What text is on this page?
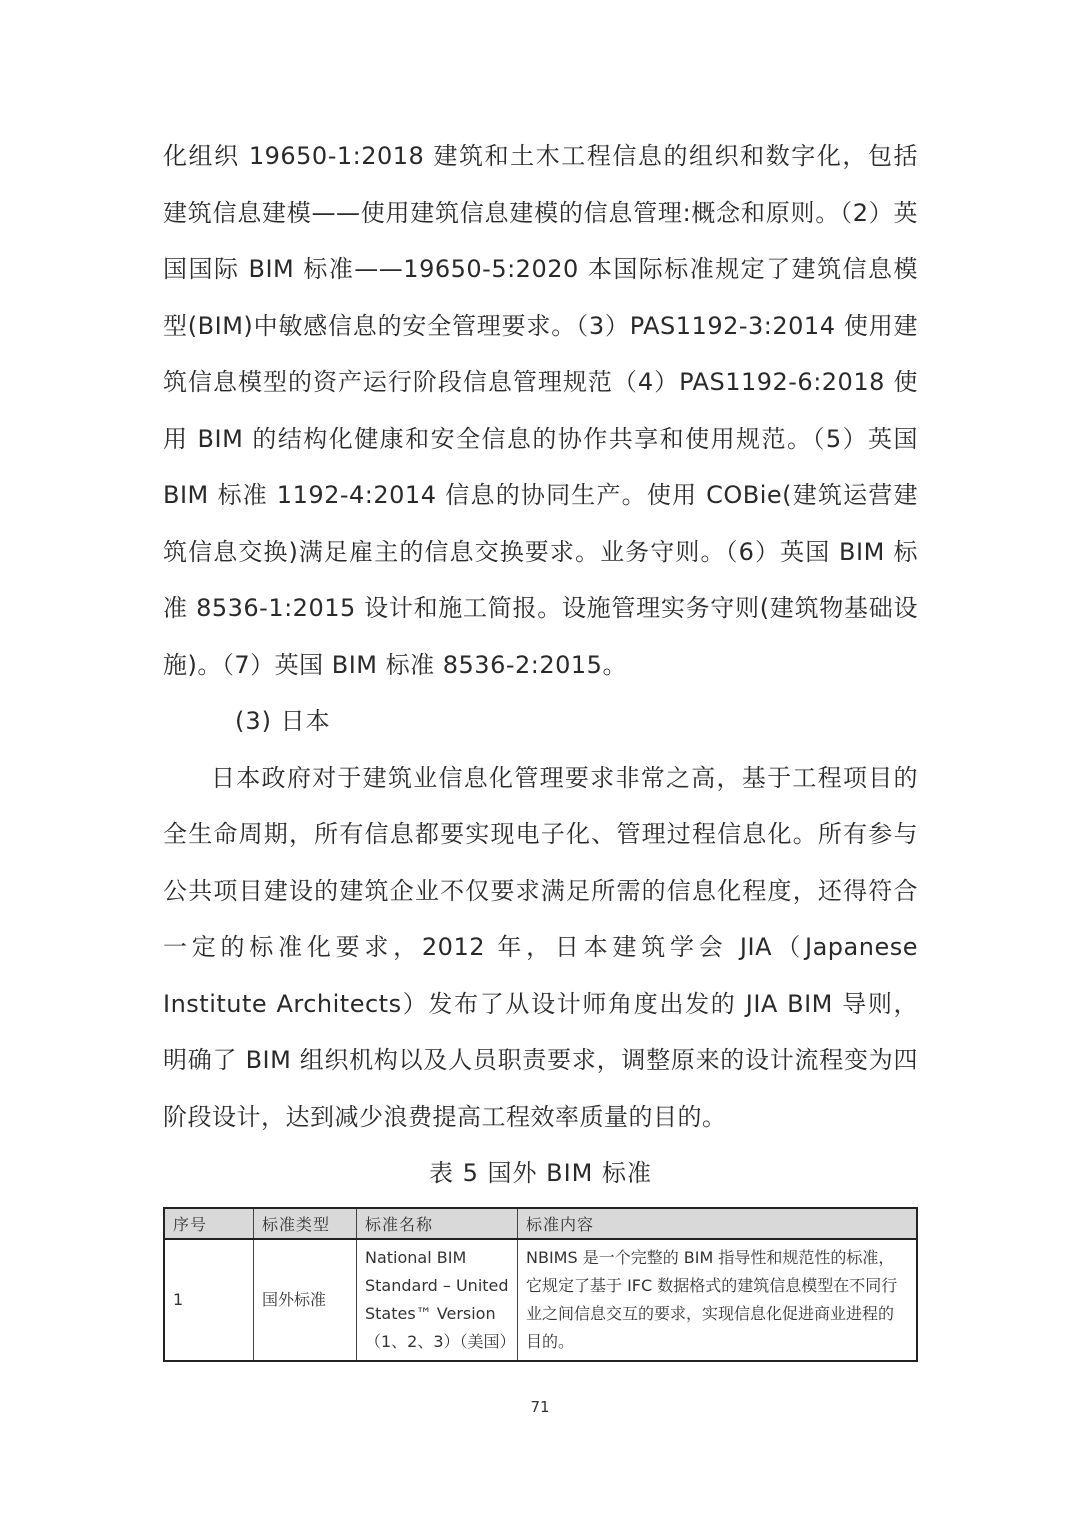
化组织 19650-1:2018 建筑和土木工程信息的组织和数字化，包括建筑信息建模——使用建筑信息建模的信息管理:概念和原则。（2）英国国际 BIM 标准——19650-5:2020 本国际标准规定了建筑信息模型(BIM)中敏感信息的安全管理要求。（3）PAS1192-3:2014 使用建筑信息模型的资产运行阶段信息管理规范（4）PAS1192-6:2018 使用 BIM 的结构化健康和安全信息的协作共享和使用规范。（5）英国 BIM 标准 1192-4:2014 信息的协同生产。使用 COBie(建筑运营建筑信息交换)满足雇主的信息交换要求。业务守则。（6）英国 BIM 标准 8536-1:2015 设计和施工简报。设施管理实务守则(建筑物基础设施)。（7）英国 BIM 标准 8536-2:2015。

(3) 日本

日本政府对于建筑业信息化管理要求非常之高，基于工程项目的全生命周期，所有信息都要实现电子化、管理过程信息化。所有参与公共项目建设的建筑企业不仅要求满足所需的信息化程度，还得符合一定的标准化要求，2012 年，日本建筑学会 JIA（Japanese Institute Architects）发布了从设计师角度出发的 JIA BIM 导则，明确了 BIM 组织机构以及人员职责要求，调整原来的设计流程变为四阶段设计，达到减少浪费提高工程效率质量的目的。

表 5 国外 BIM 标准
序号	标准类型	标准名称	标准内容
1	国外标准	National BIM Standard – United States™ Version（1、2、3）（美国）	NBIMS 是一个完整的 BIM 指导性和规范性的标准，它规定了基于 IFC 数据格式的建筑信息模型在不同行业之间信息交互的要求，实现信息化促进商业进程的目的。
71
